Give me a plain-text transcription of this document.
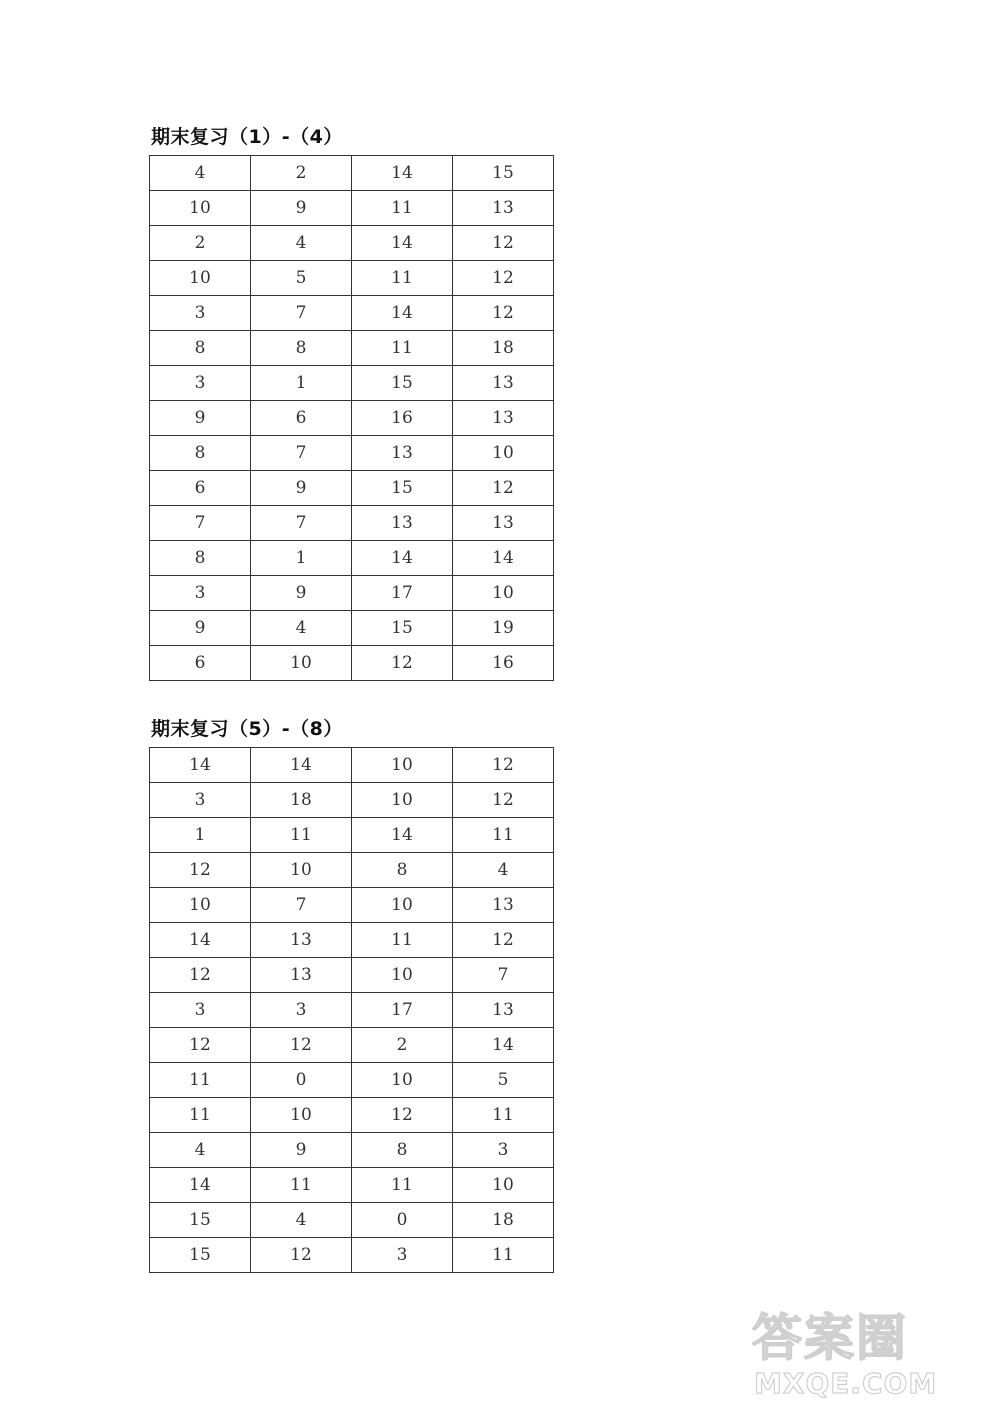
期末复习（1）-（4）
4	2	14	15
10	9	11	13
2	4	14	12
10	5	11	12
3	7	14	12
8	8	11	18
3	1	15	13
9	6	16	13
8	7	13	10
6	9	15	12
7	7	13	13
8	1	14	14
3	9	17	10
9	4	15	19
6	10	12	16
期末复习（5）-（8）
14	14	10	12
3	18	10	12
1	11	14	11
12	10	8	4
10	7	10	13
14	13	11	12
12	13	10	7
3	3	17	13
12	12	2	14
11	0	10	5
11	10	12	11
4	9	8	3
14	11	11	10
15	4	0	18
15	12	3	11
答案圈
MXQE.COM
